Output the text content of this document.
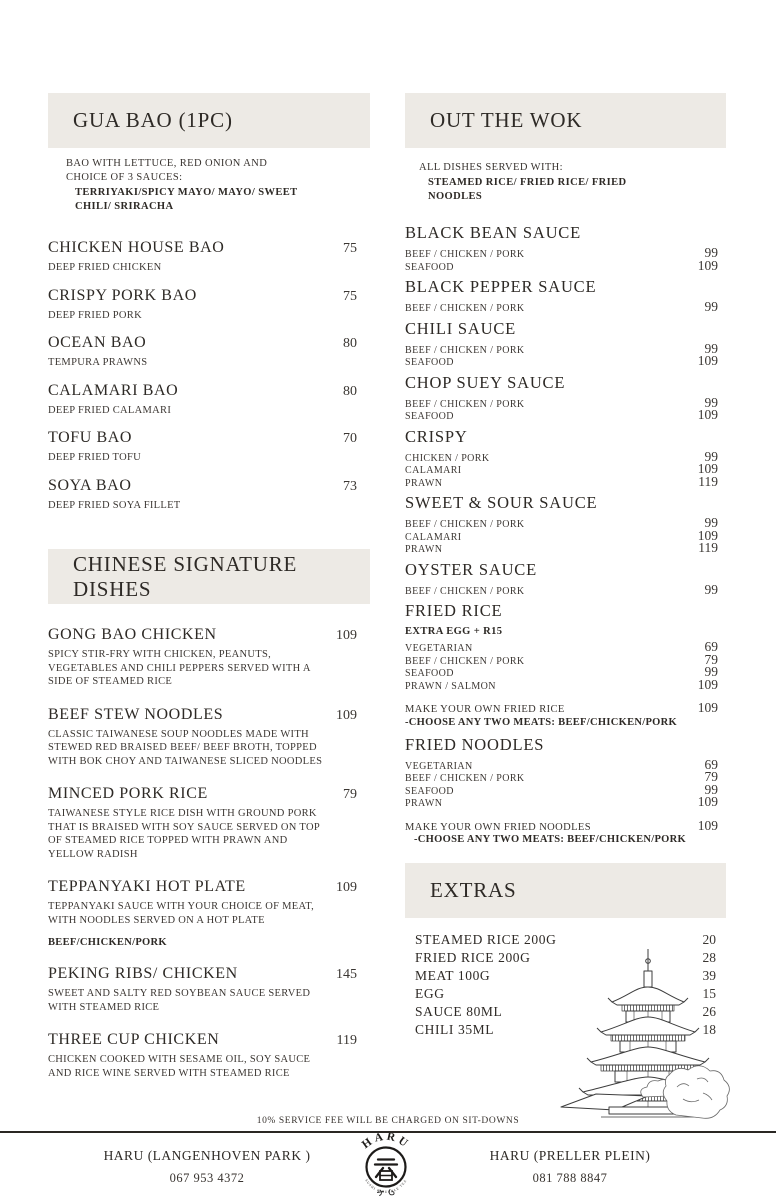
GUA BAO (1PC)
BAO WITH LETTUCE, RED ONION AND
CHOICE OF 3 SAUCES:
TERRIYAKI/SPICY MAYO/ MAYO/ SWEET CHILI/ SRIRACHA
CHICKEN HOUSE BAO	75
DEEP FRIED CHICKEN
CRISPY PORK BAO	75
DEEP FRIED PORK
OCEAN BAO	80
TEMPURA PRAWNS
CALAMARI BAO	80
DEEP FRIED CALAMARI
TOFU BAO	70
DEEP FRIED TOFU
SOYA BAO	73
DEEP FRIED SOYA FILLET
CHINESE SIGNATURE DISHES
GONG BAO CHICKEN	109
SPICY STIR-FRY WITH CHICKEN, PEANUTS, VEGETABLES AND CHILI PEPPERS SERVED WITH A SIDE OF STEAMED RICE
BEEF STEW NOODLES	109
CLASSIC TAIWANESE SOUP NOODLES MADE WITH STEWED RED BRAISED BEEF/ BEEF BROTH, TOPPED WITH BOK CHOY AND TAIWANESE SLICED NOODLES
MINCED PORK RICE	79
TAIWANESE STYLE RICE DISH WITH GROUND PORK THAT IS BRAISED WITH SOY SAUCE SERVED ON TOP OF STEAMED RICE TOPPED WITH PRAWN AND YELLOW RADISH
TEPPANYAKI HOT PLATE	109
TEPPANYAKI SAUCE WITH YOUR CHOICE OF MEAT, WITH NOODLES SERVED ON A HOT PLATE
BEEF/CHICKEN/PORK
PEKING RIBS/ CHICKEN	145
SWEET AND SALTY RED SOYBEAN SAUCE SERVED WITH STEAMED RICE
THREE CUP CHICKEN	119
CHICKEN COOKED WITH SESAME OIL, SOY SAUCE AND RICE WINE SERVED WITH STEAMED RICE
OUT THE WOK
ALL DISHES SERVED WITH:
STEAMED RICE/ FRIED RICE/ FRIED NOODLES
BLACK BEAN SAUCE
BEEF / CHICKEN / PORK	99
SEAFOOD	109
BLACK PEPPER SAUCE
BEEF / CHICKEN / PORK	99
CHILI SAUCE
BEEF / CHICKEN / PORK	99
SEAFOOD	109
CHOP SUEY SAUCE
BEEF / CHICKEN / PORK	99
SEAFOOD	109
CRISPY
CHICKEN / PORK	99
CALAMARI	109
PRAWN	119
SWEET & SOUR SAUCE
BEEF / CHICKEN / PORK	99
CALAMARI	109
PRAWN	119
OYSTER SAUCE
BEEF / CHICKEN / PORK	99
FRIED RICE
EXTRA EGG + R15
VEGETARIAN	69
BEEF / CHICKEN / PORK	79
SEAFOOD	99
PRAWN / SALMON	109
MAKE YOUR OWN FRIED RICE	109
-CHOOSE ANY TWO MEATS: BEEF/CHICKEN/PORK
FRIED NOODLES
VEGETARIAN	69
BEEF / CHICKEN / PORK	79
SEAFOOD	99
PRAWN	109
MAKE YOUR OWN FRIED NOODLES	109
-CHOOSE ANY TWO MEATS: BEEF/CHICKEN/PORK
EXTRAS
STEAMED RICE 200G	20
FRIED RICE 200G	28
MEAT 100G	39
EGG	15
SAUCE 80ML	26
CHILI 35ML	18
10% SERVICE FEE WILL BE CHARGED ON SIT-DOWNS
HARU (LANGENHOVEN PARK )
067 953 4372
HARU
SUSHI & BUBBLE TEA
HARU (PRELLER PLEIN)
081 788 8847
